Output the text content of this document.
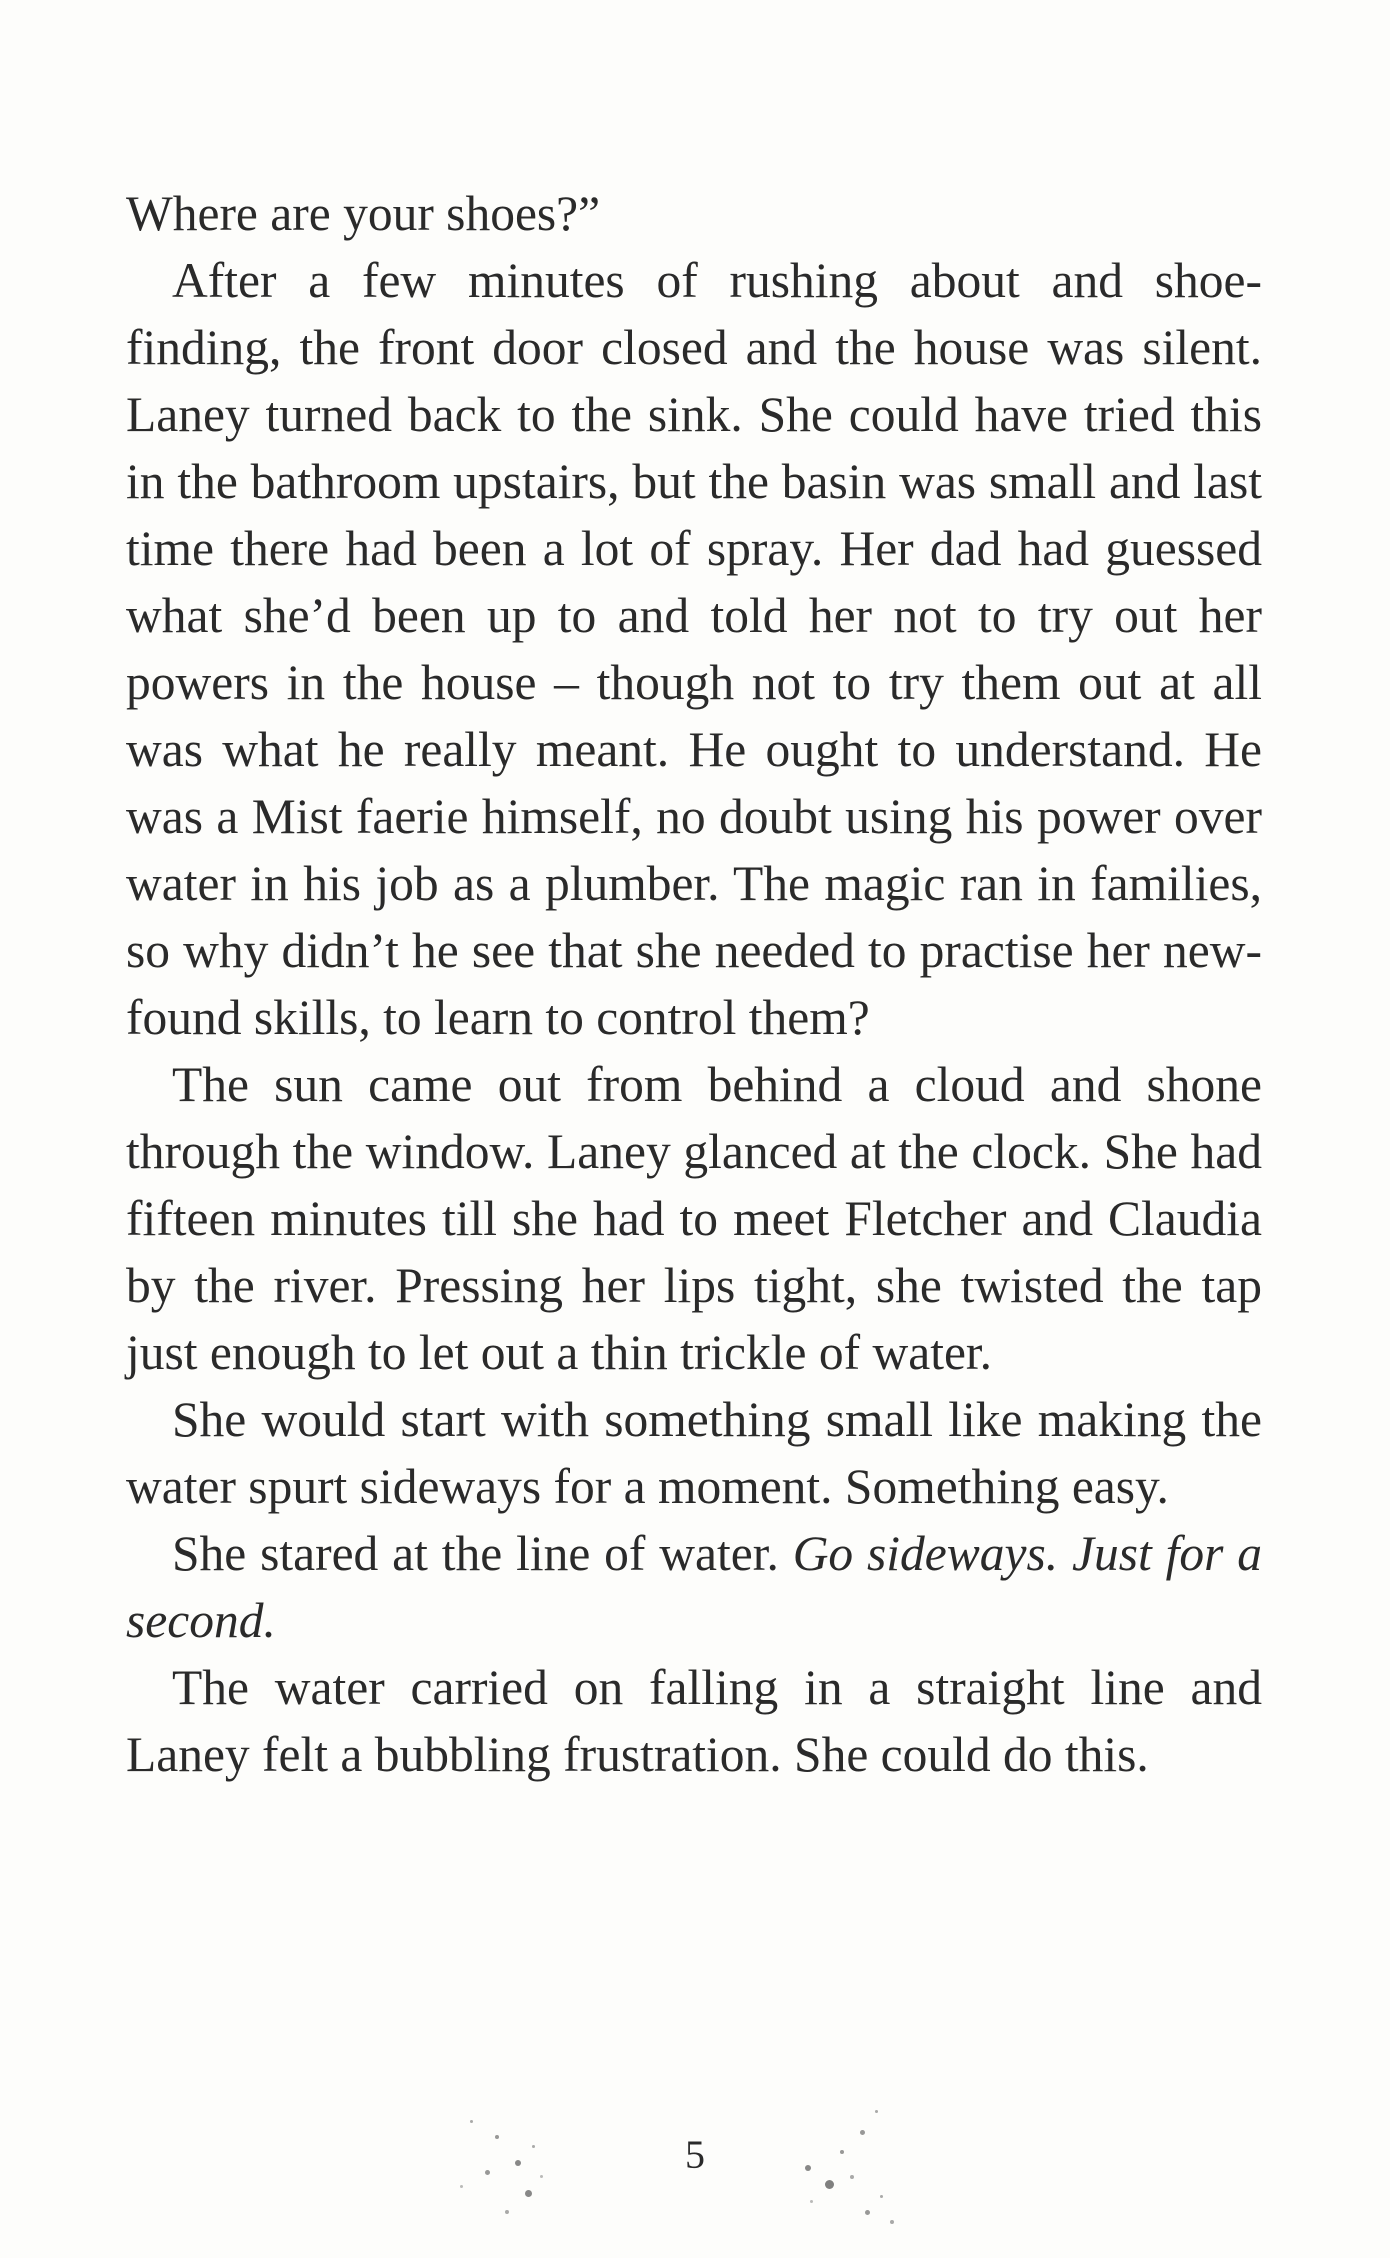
Where are your shoes?”

After a few minutes of rushing about and shoe-finding, the front door closed and the house was silent. Laney turned back to the sink. She could have tried this in the bathroom upstairs, but the basin was small and last time there had been a lot of spray. Her dad had guessed what she’d been up to and told her not to try out her powers in the house – though not to try them out at all was what he really meant. He ought to understand. He was a Mist faerie himself, no doubt using his power over water in his job as a plumber. The magic ran in families, so why didn’t he see that she needed to practise her new-found skills, to learn to control them?

The sun came out from behind a cloud and shone through the window. Laney glanced at the clock. She had fifteen minutes till she had to meet Fletcher and Claudia by the river. Pressing her lips tight, she twisted the tap just enough to let out a thin trickle of water.

She would start with something small like making the water spurt sideways for a moment. Something easy.

She stared at the line of water. Go sideways. Just for a second.

The water carried on falling in a straight line and Laney felt a bubbling frustration. She could do this.

5
